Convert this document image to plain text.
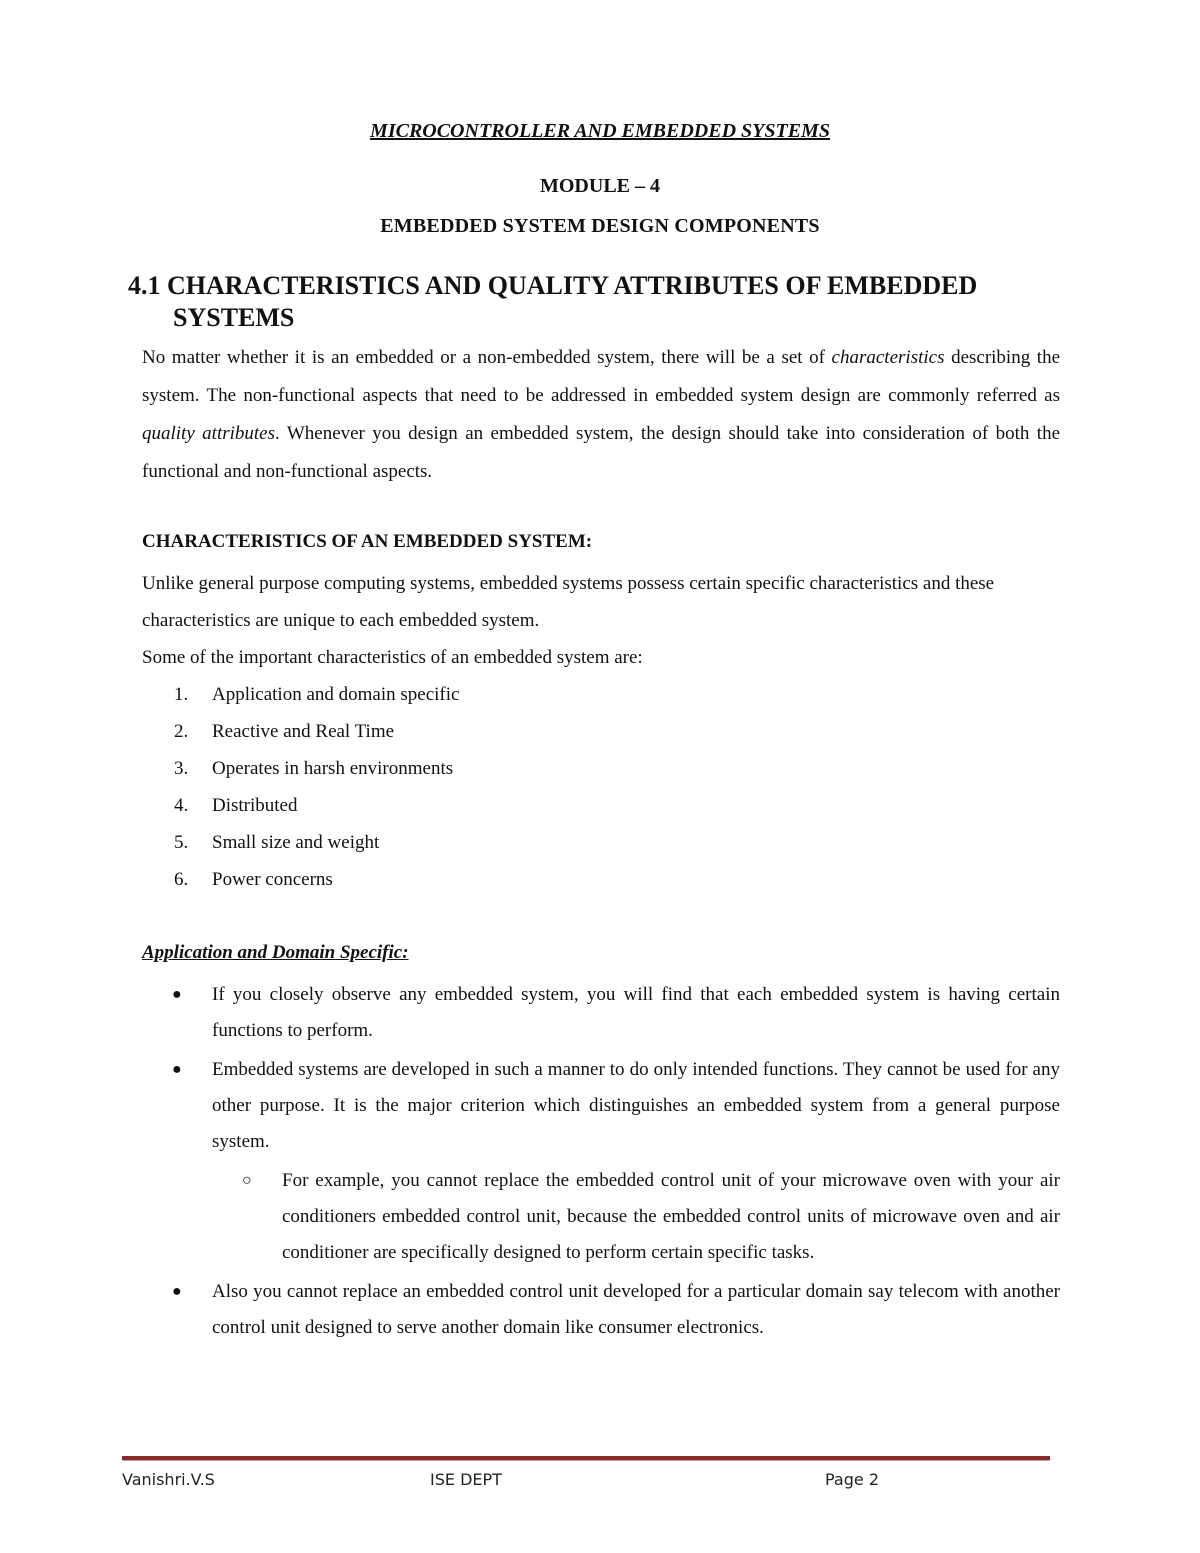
MICROCONTROLLER AND EMBEDDED SYSTEMS
MODULE – 4
EMBEDDED SYSTEM DESIGN COMPONENTS
4.1 CHARACTERISTICS AND QUALITY ATTRIBUTES OF EMBEDDED
SYSTEMS

No matter whether it is an embedded or a non-embedded system, there will be a set of characteristics describing the system. The non-functional aspects that need to be addressed in embedded system design are commonly referred as quality attributes. Whenever you design an embedded system, the design should take into consideration of both the functional and non-functional aspects.

CHARACTERISTICS OF AN EMBEDDED SYSTEM:

Unlike general purpose computing systems, embedded systems possess certain specific characteristics and these characteristics are unique to each embedded system.

Some of the important characteristics of an embedded system are:

1.	Application and domain specific
2.	Reactive and Real Time
3.	Operates in harsh environments
4.	Distributed
5.	Small size and weight
6.	Power concerns
Application and Domain Specific:
●	If you closely observe any embedded system, you will find that each embedded system is having certain functions to perform.
●	Embedded systems are developed in such a manner to do only intended functions. They cannot be used for any other purpose. It is the major criterion which distinguishes an embedded system from a general purpose system.
○	For example, you cannot replace the embedded control unit of your microwave oven with your air conditioners embedded control unit, because the embedded control units of microwave oven and air conditioner are specifically designed to perform certain specific tasks.
●	Also you cannot replace an embedded control unit developed for a particular domain say telecom with another control unit designed to serve another domain like consumer electronics.
Vanishri.V.S	ISE DEPT	Page 2
